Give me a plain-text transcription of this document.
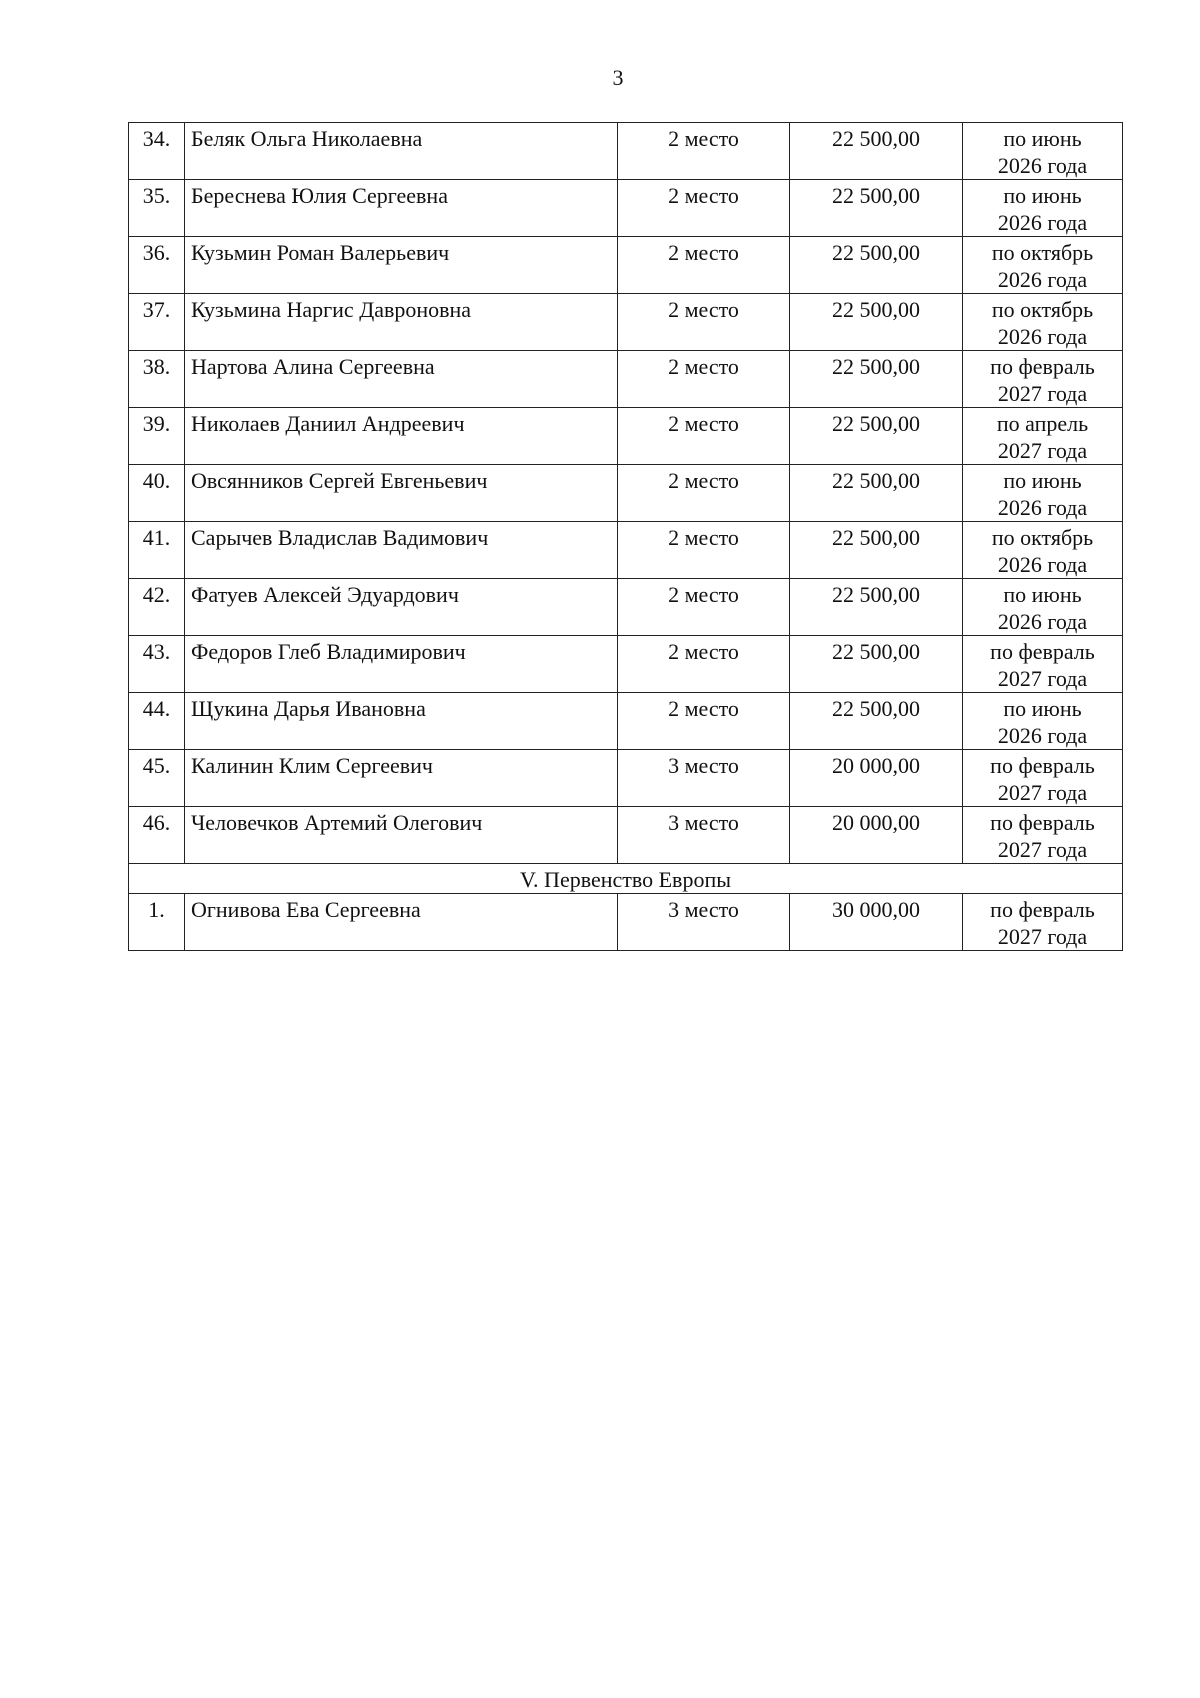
3
34.	Беляк Ольга Николаевна	2 место	22 500,00	по июнь
2026 года

35.	Береснева Юлия Сергеевна	2 место	22 500,00	по июнь
2026 года

36.	Кузьмин Роман Валерьевич	2 место	22 500,00	по октябрь
2026 года

37.	Кузьмина Наргис Давроновна	2 место	22 500,00	по октябрь
2026 года

38.	Нартова Алина Сергеевна	2 место	22 500,00	по февраль
2027 года

39.	Николаев Даниил Андреевич	2 место	22 500,00	по апрель
2027 года

40.	Овсянников Сергей Евгеньевич	2 место	22 500,00	по июнь
2026 года

41.	Сарычев Владислав Вадимович	2 место	22 500,00	по октябрь
2026 года

42.	Фатуев Алексей Эдуардович	2 место	22 500,00	по июнь
2026 года

43.	Федоров Глеб Владимирович	2 место	22 500,00	по февраль
2027 года

44.	Щукина Дарья Ивановна	2 место	22 500,00	по июнь
2026 года

45.	Калинин Клим Сергеевич	3 место	20 000,00	по февраль
2027 года

46.	Человечков Артемий Олегович	3 место	20 000,00	по февраль
2027 года

V. Первенство Европы				
1.	Огнивова Ева Сергеевна	3 место	30 000,00	по февраль
2027 года
